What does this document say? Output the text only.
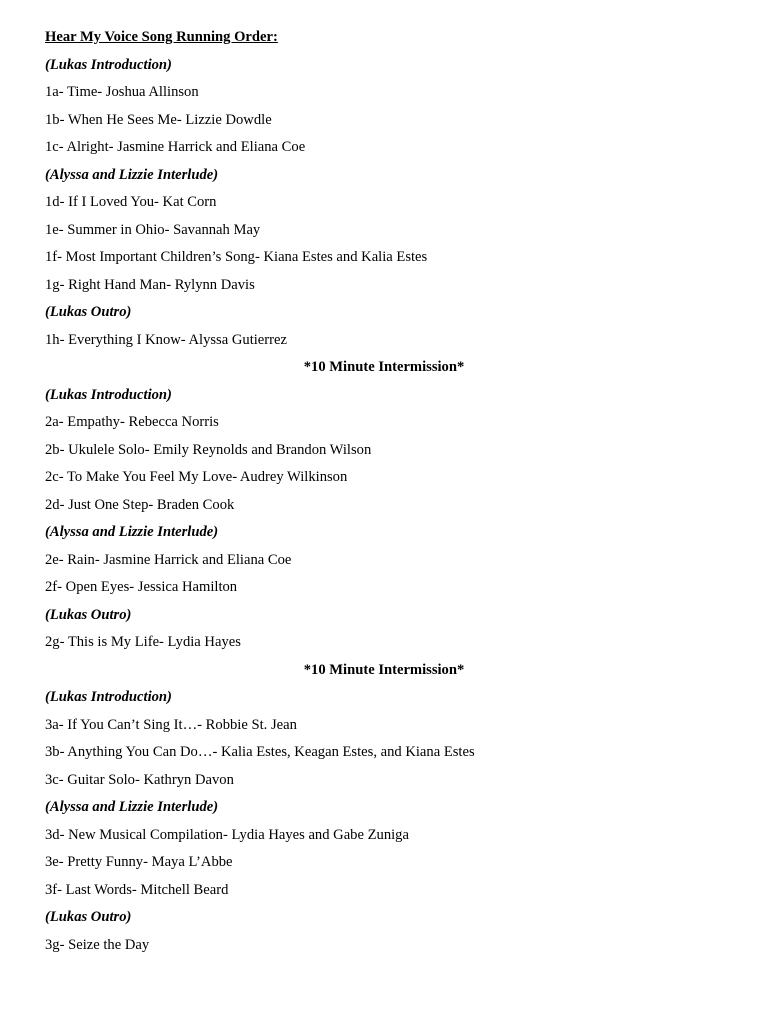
Hear My Voice Song Running Order:
(Lukas Introduction)
1a- Time- Joshua Allinson
1b- When He Sees Me- Lizzie Dowdle
1c- Alright- Jasmine Harrick and Eliana Coe
(Alyssa and Lizzie Interlude)
1d- If I Loved You- Kat Corn
1e- Summer in Ohio- Savannah May
1f- Most Important Children’s Song- Kiana Estes and Kalia Estes
1g- Right Hand Man- Rylynn Davis
(Lukas Outro)
1h- Everything I Know- Alyssa Gutierrez
*10 Minute Intermission*
(Lukas Introduction)
2a- Empathy- Rebecca Norris
2b- Ukulele Solo- Emily Reynolds and Brandon Wilson
2c- To Make You Feel My Love- Audrey Wilkinson
2d- Just One Step- Braden Cook
(Alyssa and Lizzie Interlude)
2e- Rain- Jasmine Harrick and Eliana Coe
2f- Open Eyes- Jessica Hamilton
(Lukas Outro)
2g- This is My Life- Lydia Hayes
*10 Minute Intermission*
(Lukas Introduction)
3a- If You Can’t Sing It…- Robbie St. Jean
3b- Anything You Can Do…- Kalia Estes, Keagan Estes, and Kiana Estes
3c- Guitar Solo- Kathryn Davon
(Alyssa and Lizzie Interlude)
3d- New Musical Compilation- Lydia Hayes and Gabe Zuniga
3e- Pretty Funny- Maya L’Abbe
3f- Last Words- Mitchell Beard
(Lukas Outro)
3g- Seize the Day
